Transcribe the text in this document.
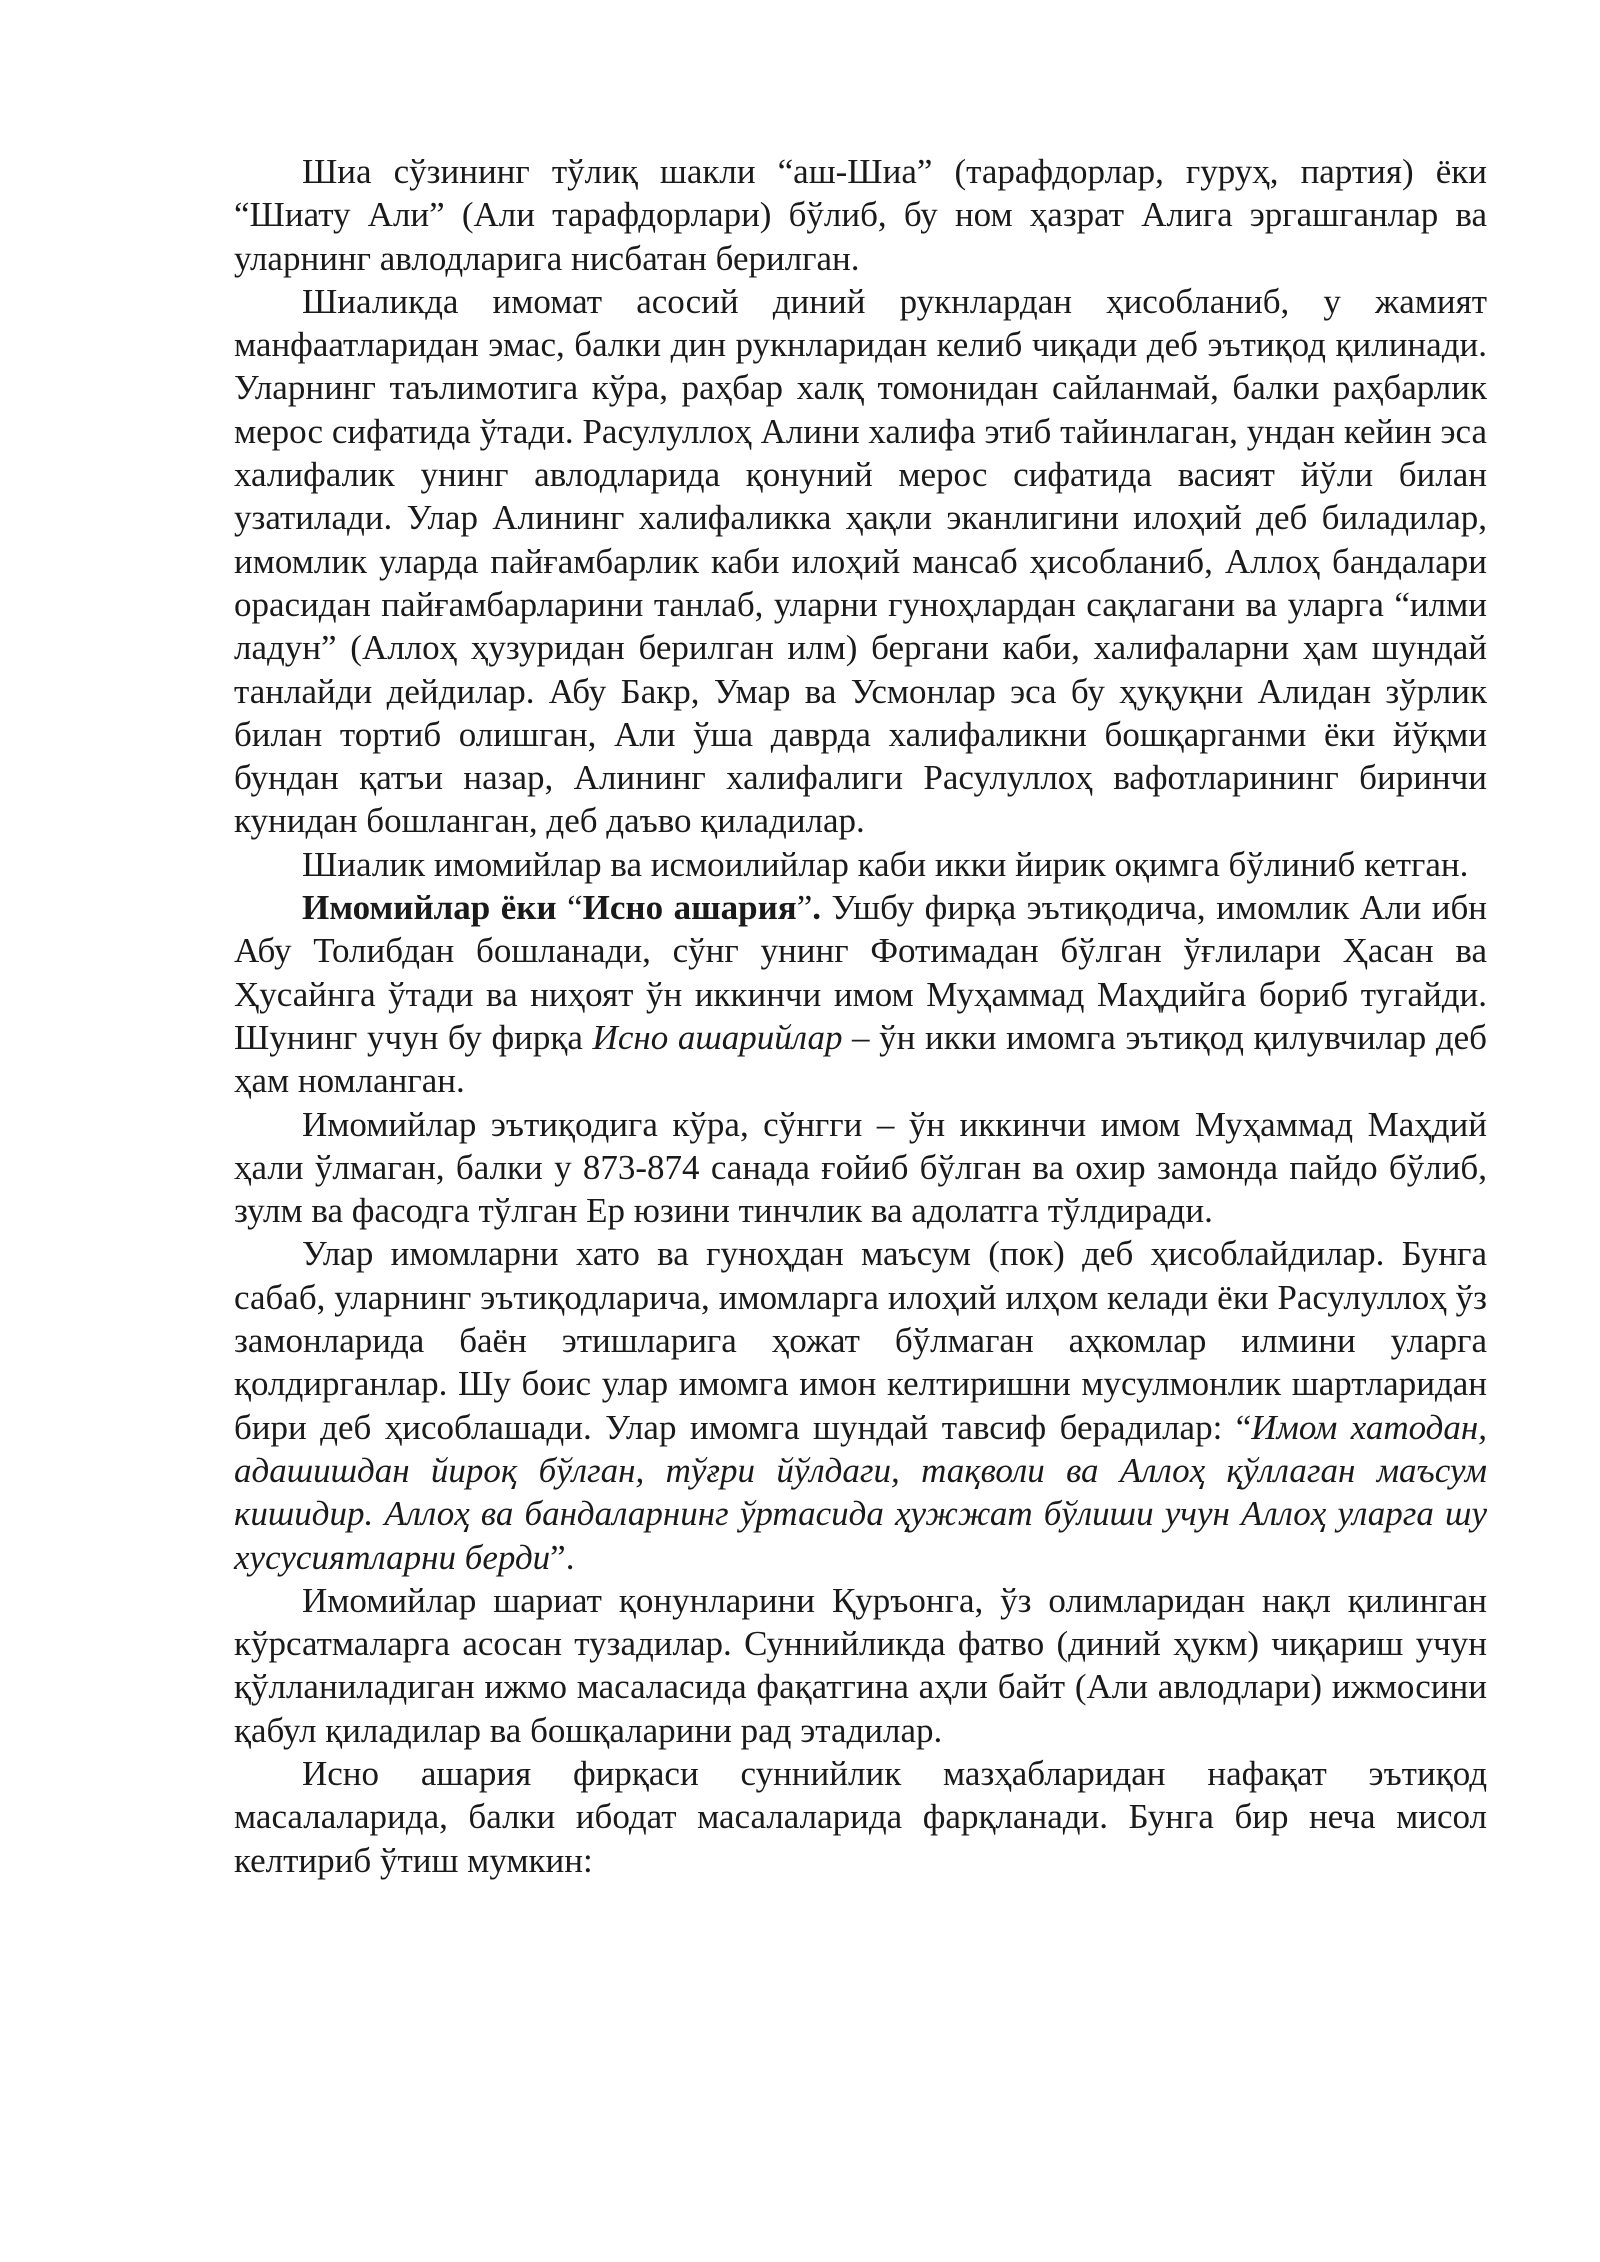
Шиа сўзининг тўлиқ шакли “аш-Шиа” (тарафдорлар, гуруҳ, партия) ёки “Шиату Али” (Али тарафдорлари) бўлиб, бу ном ҳазрат Алига эргашганлар ва уларнинг авлодларига нисбатан берилган.

Шиаликда имомат асосий диний рукнлардан ҳисобланиб, у жамият манфаатларидан эмас, балки дин рукнларидан келиб чиқади деб эътиқод қилинади. Уларнинг таълимотига кўра, раҳбар халқ томонидан сайланмай, балки раҳбарлик мерос сифатида ўтади. Расулуллоҳ Алини халифа этиб тайинлаган, ундан кейин эса халифалик унинг авлодларида қонуний мерос сифатида васият йўли билан узатилади. Улар Алининг халифаликка ҳақли эканлигини илоҳий деб биладилар, имомлик уларда пайғамбарлик каби илоҳий мансаб ҳисобланиб, Аллоҳ бандалари орасидан пайғамбарларини танлаб, уларни гуноҳлардан сақлагани ва уларга “илми ладун” (Аллоҳ ҳузуридан берилган илм) бергани каби, халифаларни ҳам шундай танлайди дейдилар. Абу Бакр, Умар ва Усмонлар эса бу ҳуқуқни Алидан зўрлик билан тортиб олишган, Али ўша даврда халифаликни бошқарганми ёки йўқми бундан қатъи назар, Алининг халифалиги Расулуллоҳ вафотларининг биринчи кунидан бошланган, деб даъво қиладилар.

Шиалик имомийлар ва исмоилийлар каби икки йирик оқимга бўлиниб кетган.

Имомийлар ёки “Исно ашария”. Ушбу фирқа эътиқодича, имомлик Али ибн Абу Толибдан бошланади, сўнг унинг Фотимадан бўлган ўғлилари Ҳасан ва Ҳусайнга ўтади ва ниҳоят ўн иккинчи имом Муҳаммад Маҳдийга бориб тугайди. Шунинг учун бу фирқа Исно ашарийлар – ўн икки имомга эътиқод қилувчилар деб ҳам номланган.

Имомийлар эътиқодига кўра, сўнгги – ўн иккинчи имом Муҳаммад Маҳдий ҳали ўлмаган, балки у 873-874 санада ғойиб бўлган ва охир замонда пайдо бўлиб, зулм ва фасодга тўлган Ер юзини тинчлик ва адолатга тўлдиради.

Улар имомларни хато ва гуноҳдан маъсум (пок) деб ҳисоблайдилар. Бунга сабаб, уларнинг эътиқодларича, имомларга илоҳий илҳом келади ёки Расулуллоҳ ўз замонларида баён этишларига ҳожат бўлмаган аҳкомлар илмини уларга қолдирганлар. Шу боис улар имомга имон келтиришни мусулмонлик шартларидан бири деб ҳисоблашади. Улар имомга шундай тавсиф берадилар: “Имом хатодан, адашишдан йироқ бўлган, тўғри йўлдаги, тақволи ва Аллоҳ қўллаган маъсум кишидир. Аллоҳ ва бандаларнинг ўртасида ҳужжат бўлиши учун Аллоҳ уларга шу хусусиятларни берди”.

Имомийлар шариат қонунларини Қуръонга, ўз олимларидан нақл қилинган кўрсатмаларга асосан тузадилар. Суннийликда фатво (диний ҳукм) чиқариш учун қўлланиладиган ижмо масаласида фақатгина аҳли байт (Али авлодлари) ижмосини қабул қиладилар ва бошқаларини рад этадилар.

Исно ашария фирқаси суннийлик мазҳабларидан нафақат эътиқод масалаларида, балки ибодат масалаларида фарқланади. Бунга бир неча мисол келтириб ўтиш мумкин:
